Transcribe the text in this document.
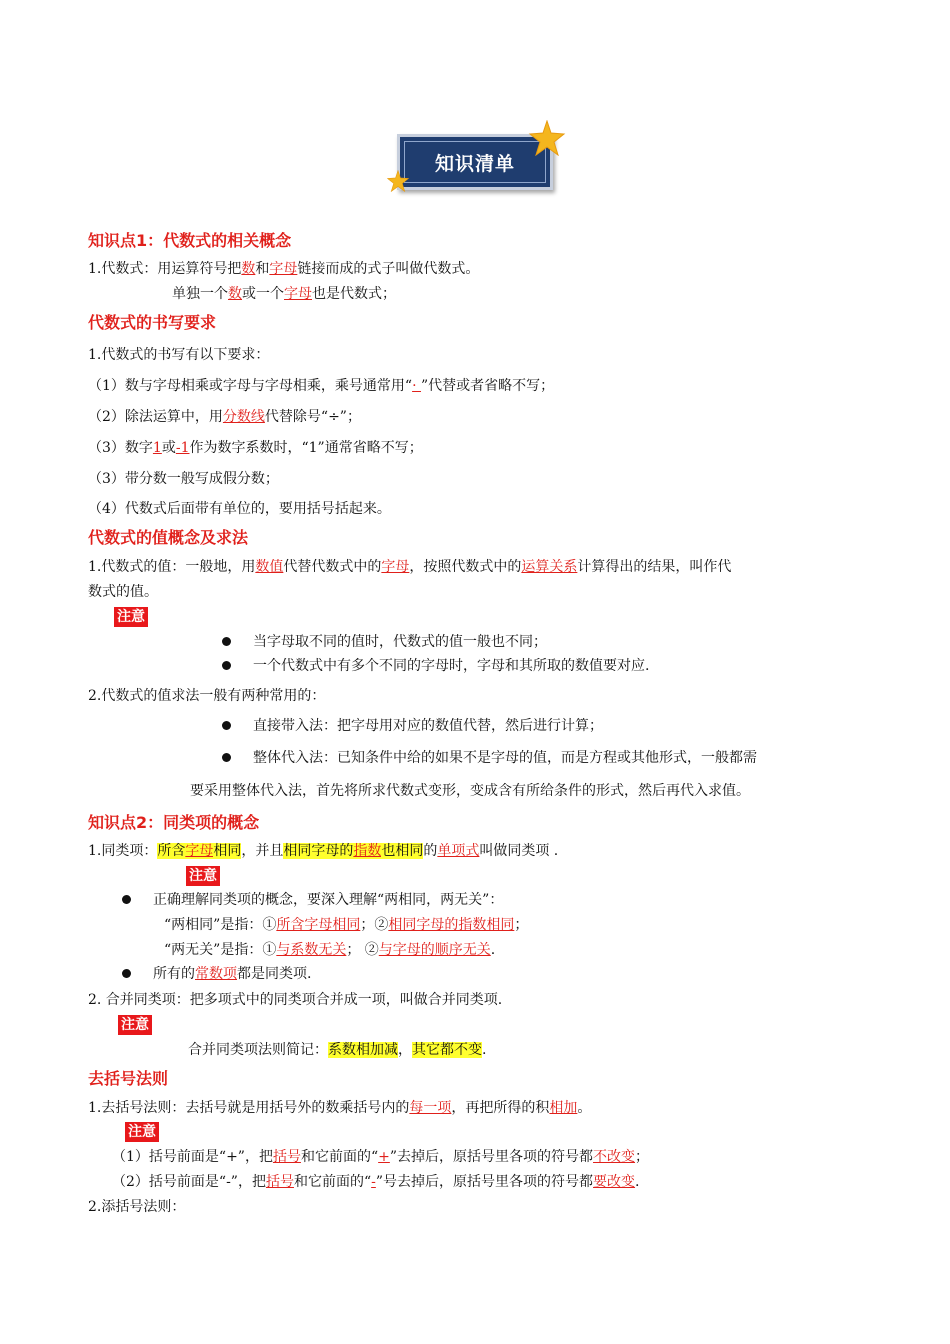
知识清单
知识点1：代数式的相关概念
1.代数式：用运算符号把数和字母链接而成的式子叫做代数式。
单独一个数或一个字母也是代数式；
代数式的书写要求
1.代数式的书写有以下要求：
（1）数与字母相乘或字母与字母相乘，乘号通常用“· ”代替或者省略不写；
（2）除法运算中，用分数线代替除号“÷”；
（3）数字1或-1作为数字系数时，“1”通常省略不写；
（3）带分数一般写成假分数；
（4）代数式后面带有单位的，要用括号括起来。
代数式的值概念及求法
1.代数式的值：一般地，用数值代替代数式中的字母，按照代数式中的运算关系计算得出的结果，叫作代
数式的值。
注意
当字母取不同的值时，代数式的值一般也不同；
一个代数式中有多个不同的字母时，字母和其所取的数值要对应.
2.代数式的值求法一般有两种常用的：
直接带入法：把字母用对应的数值代替，然后进行计算；
整体代入法：已知条件中给的如果不是字母的值，而是方程或其他形式，一般都需
要采用整体代入法，首先将所求代数式变形，变成含有所给条件的形式，然后再代入求值。
知识点2：同类项的概念
1.同类项：所含字母相同，并且相同字母的指数也相同的单项式叫做同类项 .
注意
正确理解同类项的概念，要深入理解“两相同，两无关”：
“两相同”是指：①所含字母相同；②相同字母的指数相同；
“两无关”是指：①与系数无关； ②与字母的顺序无关.
所有的常数项都是同类项.
2. 合并同类项：把多项式中的同类项合并成一项，叫做合并同类项.
注意
合并同类项法则简记：系数相加减，其它都不变.
去括号法则
1.去括号法则：去括号就是用括号外的数乘括号内的每一项，再把所得的积相加。
注意
（1）括号前面是“+”，把括号和它前面的“+”去掉后，原括号里各项的符号都不改变；
（2）括号前面是“-”，把括号和它前面的“-”号去掉后，原括号里各项的符号都要改变.
2.添括号法则：
